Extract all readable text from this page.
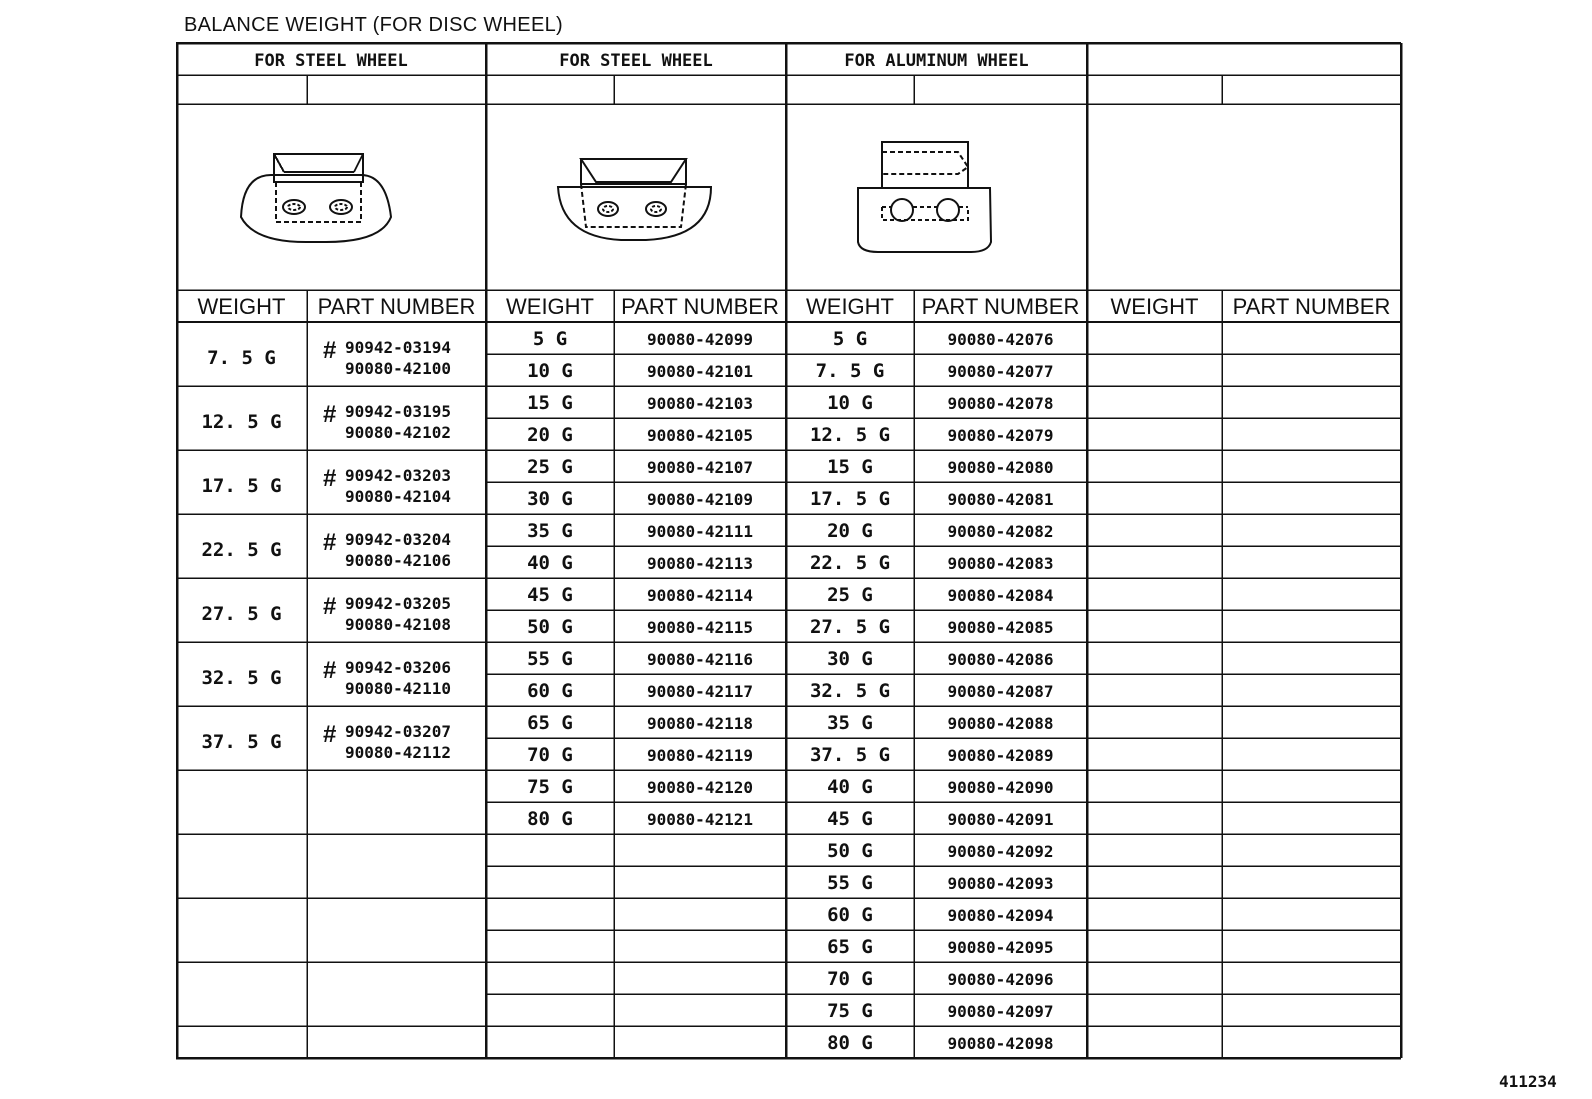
BALANCE WEIGHT (FOR DISC WHEEL)
FOR STEEL WHEEL
WEIGHT PART NUMBER
FOR STEEL WHEEL
WEIGHT PART NUMBER
FOR ALUMINUM WHEEL
WEIGHT PART NUMBER WEIGHT PART NUMBER
7. 5 G # 90942-03194
90080-42100
12. 5 G # 90942-03195
90080-42102
17. 5 G # 90942-03203
90080-42104
22. 5 G # 90942-03204
90080-42106
27. 5 G # 90942-03205
90080-42108
32. 5 G # 90942-03206
90080-42110
37. 5 G # 90942-03207
90080-42112
5 G	90080-42099
10 G	90080-42101
15 G	90080-42103
20 G	90080-42105
25 G	90080-42107
30 G	90080-42109
35 G	90080-42111
40 G	90080-42113
45 G	90080-42114
50 G	90080-42115
55 G	90080-42116
60 G	90080-42117
65 G	90080-42118
70 G	90080-42119
75 G	90080-42120
80 G	90080-42121
5 G	90080-42076
7. 5 G	90080-42077
10 G	90080-42078
12. 5 G	90080-42079
15 G	90080-42080
17. 5 G	90080-42081
20 G	90080-42082
22. 5 G	90080-42083
25 G	90080-42084
27. 5 G	90080-42085
30 G	90080-42086
32. 5 G	90080-42087
35 G	90080-42088
37. 5 G	90080-42089
40 G	90080-42090
45 G	90080-42091
50 G	90080-42092
55 G	90080-42093
60 G	90080-42094
65 G	90080-42095
70 G	90080-42096
75 G	90080-42097
80 G	90080-42098
411234
